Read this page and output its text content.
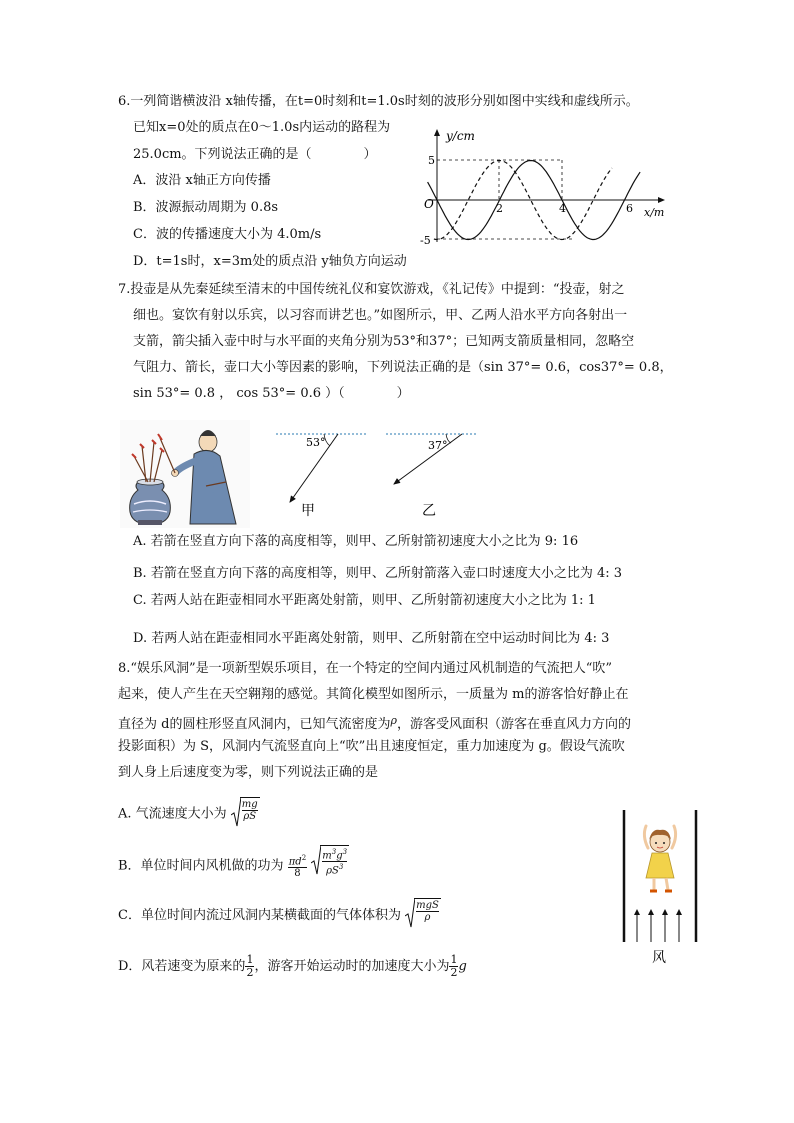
6.一列简谐横波沿 x轴传播，在t=0时刻和t=1.0s时刻的波形分别如图中实线和虚线所示。
已知x=0处的质点在0～1.0s内运动的路程为
25.0cm。下列说法正确的是（　　　　）
A．波沿 x轴正方向传播
B．波源振动周期为 0.8s
C．波的传播速度大小为 4.0m/s
D．t=1s时，x=3m处的质点沿 y轴负方向运动
y/cm
x/m
O
5
-5
2	4	6
7.投壶是从先秦延续至清末的中国传统礼仪和宴饮游戏，《礼记传》中提到：“投壶，射之
细也。宴饮有射以乐宾，以习容而讲艺也。”如图所示，甲、乙两人沿水平方向各射出一
支箭，箭尖插入壶中时与水平面的夹角分别为53°和37°；已知两支箭质量相同，忽略空
气阻力、箭长，壶口大小等因素的影响，下列说法正确的是（sin 37°= 0.6，cos37°= 0.8，
sin 53°= 0.8 ， cos 53°= 0.6 ）（　　　　）
53°
甲
37°
乙
A. 若箭在竖直方向下落的高度相等，则甲、乙所射箭初速度大小之比为 9: 16
B. 若箭在竖直方向下落的高度相等，则甲、乙所射箭落入壶口时速度大小之比为 4: 3
C. 若两人站在距壶相同水平距离处射箭，则甲、乙所射箭初速度大小之比为 1: 1
D. 若两人站在距壶相同水平距离处射箭，则甲、乙所射箭在空中运动时间比为 4: 3
8.“娱乐风洞”是一项新型娱乐项目，在一个特定的空间内通过风机制造的气流把人“吹”
起来，使人产生在天空翱翔的感觉。其简化模型如图所示，一质量为 m的游客恰好静止在
直径为 d的圆柱形竖直风洞内，已知气流密度为$^\rho$，游客受风面积（游客在垂直风力方向的
投影面积）为 S，风洞内气流竖直向上“吹”出且速度恒定，重力加速度为 g。假设气流吹
到人身上后速度变为零，则下列说法正确的是
A. 气流速度大小为 $\frac{mg}{\rho S}$
B．单位时间内风机做的功为 $\frac{\pi d^2}{8}$
$\frac{m^3g^3}{\rho S^3}$
C．单位时间内流过风洞内某横截面的气体体积为
mgS
ρ
D．风若速变为原来的 $\frac{1}{2}$ ，游客开始运动时的加速度大小为 $\frac{1}{2}$ g
风
